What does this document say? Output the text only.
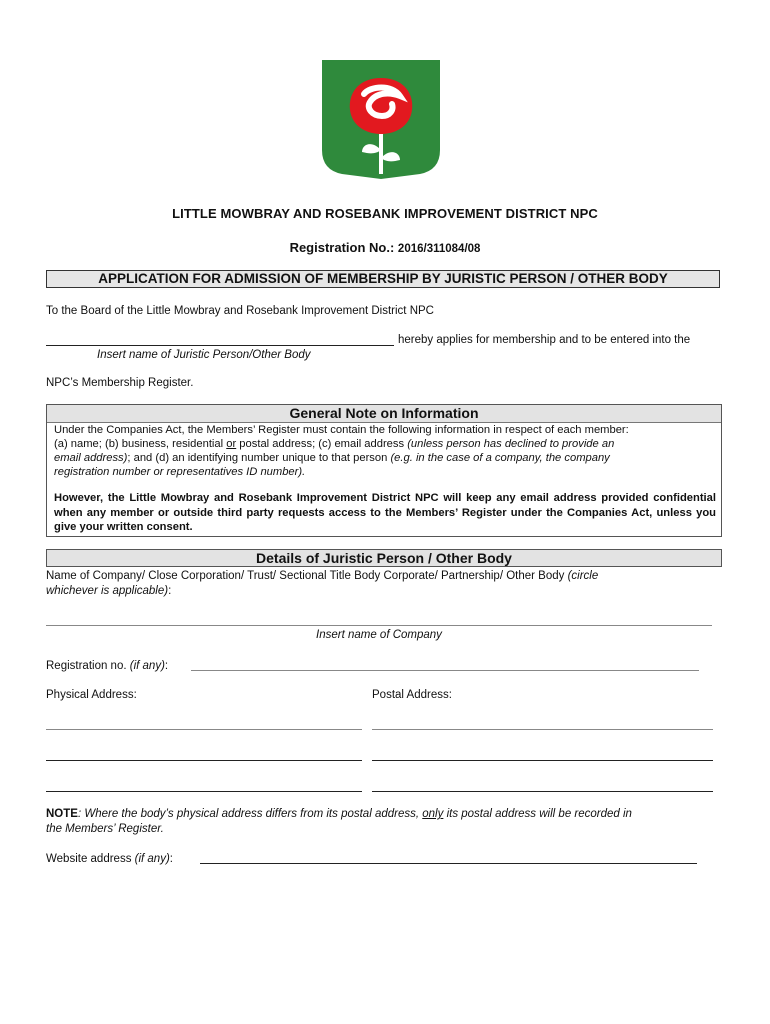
LITTLE MOWBRAY AND ROSEBANK IMPROVEMENT DISTRICT NPC
Registration No.: 2016/311084/08
APPLICATION FOR ADMISSION OF MEMBERSHIP BY JURISTIC PERSON / OTHER BODY
To the Board of the Little Mowbray and Rosebank Improvement District NPC
hereby applies for membership and to be entered into the
Insert name of Juristic Person/Other Body
NPC’s Membership Register.
General Note on Information
Under the Companies Act, the Members’ Register must contain the following information in respect of each member:
(a) name; (b) business, residential or postal address; (c) email address (unless person has declined to provide an
email address); and (d) an identifying number unique to that person (e.g. in the case of a company, the company
registration number or representatives ID number).
However, the Little Mowbray and Rosebank Improvement District NPC will keep any email address provided confidential when any member or outside third party requests access to the Members’ Register under the Companies Act, unless you give your written consent.
Details of Juristic Person / Other Body
Name of Company/ Close Corporation/ Trust/ Sectional Title Body Corporate/ Partnership/ Other Body (circle
whichever is applicable):
Insert name of Company
Registration no. (if any):
Physical Address:	Postal Address:
NOTE: Where the body’s physical address differs from its postal address, only its postal address will be recorded in
the Members’ Register.
Website address (if any):
